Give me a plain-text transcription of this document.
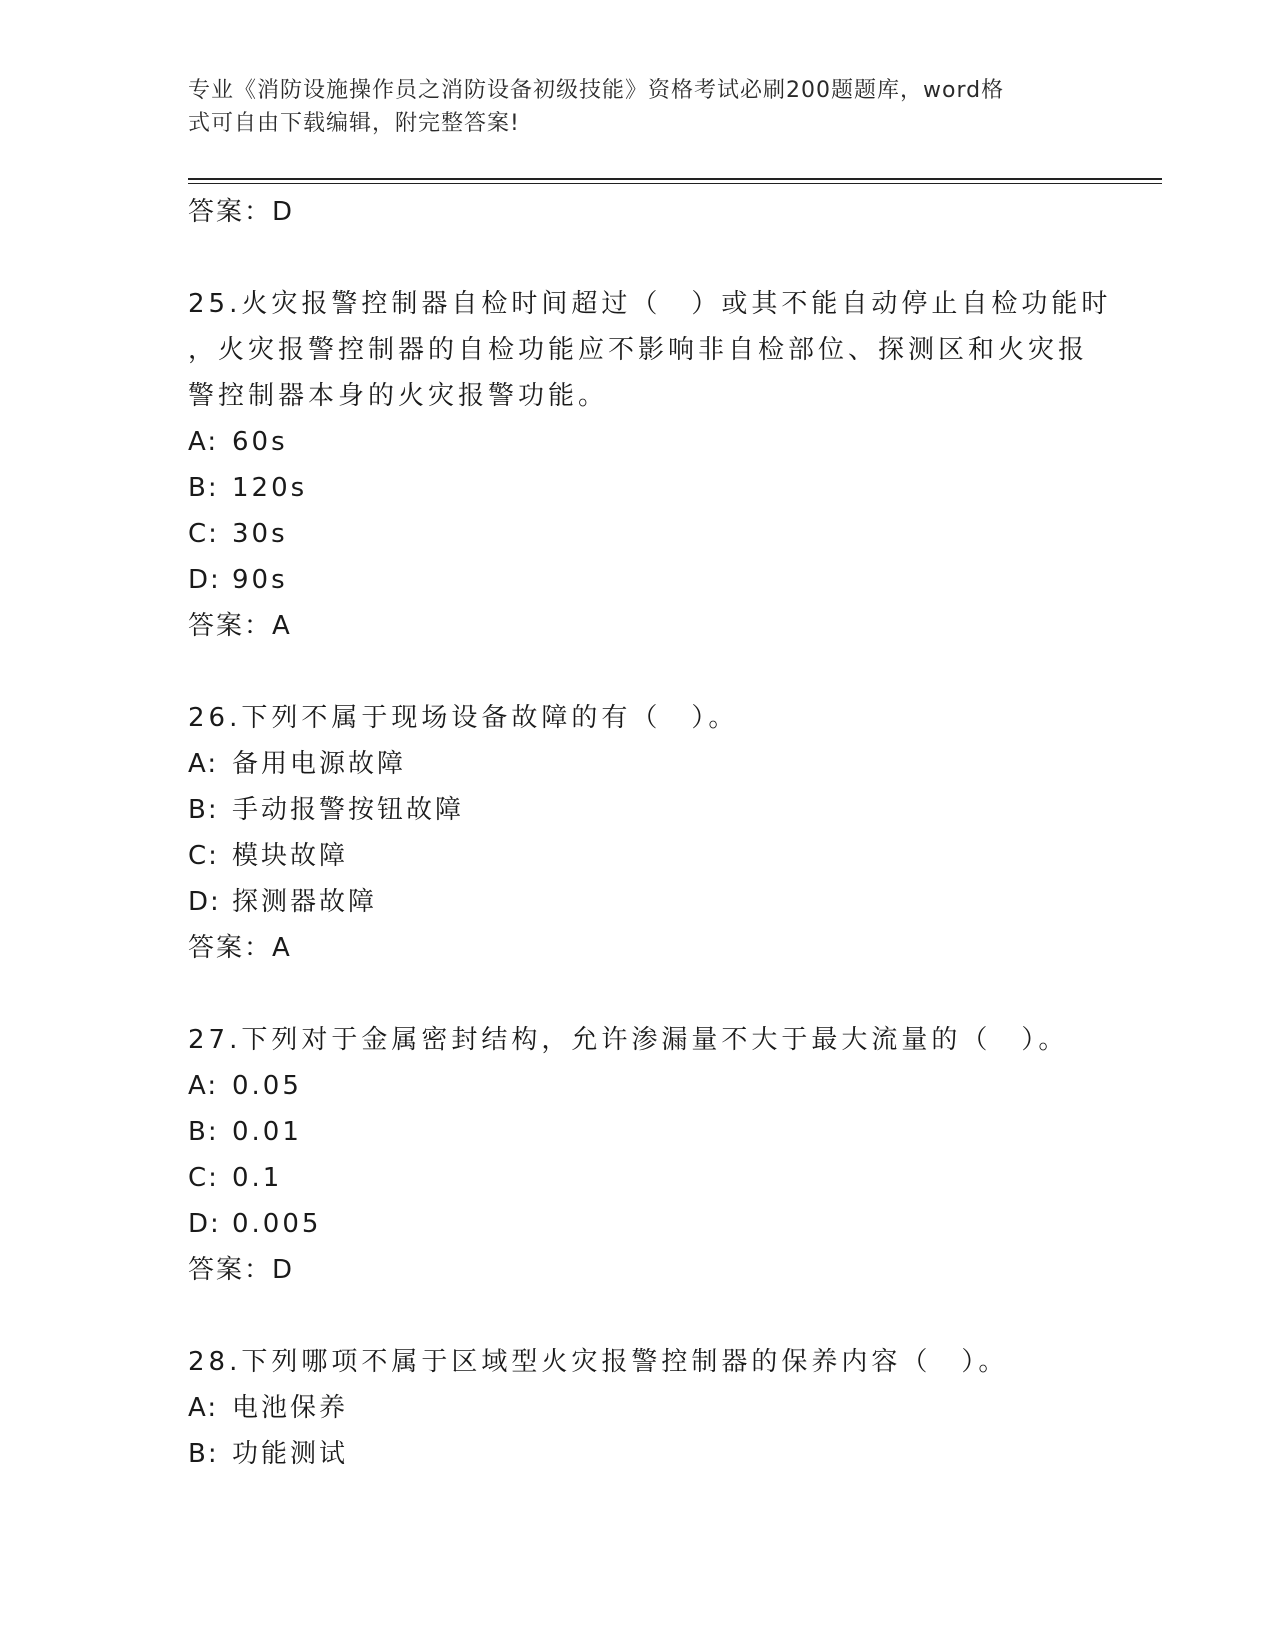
专业《消防设施操作员之消防设备初级技能》资格考试必刷200题题库，word格
式可自由下载编辑，附完整答案!
答案：D
25.火灾报警控制器自检时间超过（　）或其不能自动停止自检功能时
，火灾报警控制器的自检功能应不影响非自检部位、探测区和火灾报
警控制器本身的火灾报警功能。
A: 60s
B: 120s
C: 30s
D: 90s
答案：A
26.下列不属于现场设备故障的有（　）。
A: 备用电源故障
B: 手动报警按钮故障
C: 模块故障
D: 探测器故障
答案：A
27.下列对于金属密封结构，允许渗漏量不大于最大流量的（　）。
A: 0.05
B: 0.01
C: 0.1
D: 0.005
答案：D
28.下列哪项不属于区域型火灾报警控制器的保养内容（　）。
A: 电池保养
B: 功能测试
